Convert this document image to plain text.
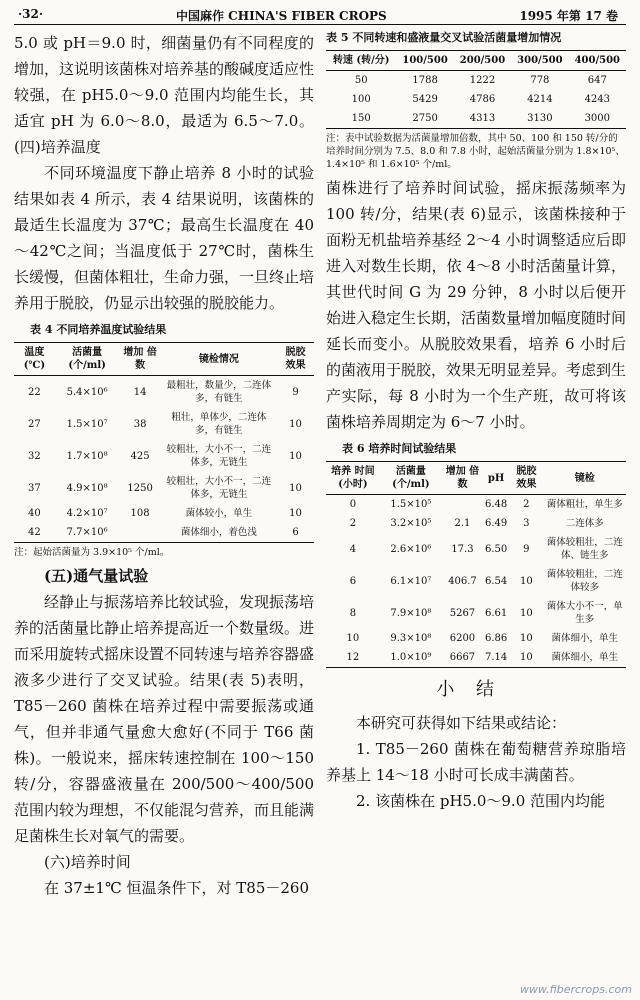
·32·	中国麻作 CHINA'S FIBER CROPS	1995 年第 17 卷

5.0 或 pH＝9.0 时，细菌量仍有不同程度的增加，这说明该菌株对培养基的酸碱度适应性较强，在 pH5.0～9.0 范围内均能生长，其适宜 pH 为 6.0～8.0，最适为 6.5～7.0。(四)培养温度

不同环境温度下静止培养 8 小时的试验结果如表 4 所示，表 4 结果说明，该菌株的最适生长温度为 37℃；最高生长温度在 40～42℃之间；当温度低于 27℃时，菌株生长缓慢，但菌体粗壮，生命力强，一旦终止培养用于脱胶，仍显示出较强的脱胶能力。

表 4 不同培养温度试验结果
温度 (℃)	活菌量 (个/ml)	增加 倍数	镜检情况	脱胶 效果
22	5.4×10⁶	14	最粗壮，数量少，二连体多，有链生	9
27	1.5×10⁷	38	粗壮，单体少，二连体多，有链生	10
32	1.7×10⁸	425	较粗壮，大小不一，二连体多，无链生	10
37	4.9×10⁸	1250	较粗壮，大小不一，二连体多，无链生	10
40	4.2×10⁷	108	菌体较小，单生	10
42	7.7×10⁶		菌体细小，着色浅	6
注：起始活菌量为 3.9×10⁵ 个/ml。

(五)通气量试验

经静止与振荡培养比较试验，发现振荡培养的活菌量比静止培养提高近一个数量级。进而采用旋转式摇床设置不同转速与培养容器盛液多少进行了交叉试验。结果(表 5)表明，T85－260 菌株在培养过程中需要振荡或通气，但并非通气量愈大愈好(不同于 T66 菌株)。一般说来，摇床转速控制在 100～150 转/分，容器盛液量在 200/500～400/500 范围内较为理想，不仅能混匀营养，而且能满足菌株生长对氧气的需要。

(六)培养时间

在 37±1℃ 恒温条件下，对 T85－260

表 5 不同转速和盛液量交叉试验活菌量增加情况
转速 (转/分)	100/500	200/500	300/500	400/500
50	1788	1222	778	647
100	5429	4786	4214	4243
150	2750	4313	3130	3000
注：表中试验数据为活菌量增加倍数，其中 50、100 和 150 转/分的培养时间分别为 7.5、8.0 和 7.8 小时，起始活菌量分别为 1.8×10⁵、1.4×10⁵ 和 1.6×10⁵ 个/ml。

菌株进行了培养时间试验，摇床振荡频率为 100 转/分，结果(表 6)显示，该菌株接种于面粉无机盐培养基经 2～4 小时调整适应后即进入对数生长期，依 4～8 小时活菌量计算，其世代时间 G 为 29 分钟，8 小时以后便开始进入稳定生长期，活菌数量增加幅度随时间延长而变小。从脱胶效果看，培养 6 小时后的菌液用于脱胶，效果无明显差异。考虑到生产实际，每 8 小时为一个生产班，故可将该菌株培养周期定为 6～7 小时。

表 6 培养时间试验结果
培养 时间 (小时)	活菌量 (个/ml)	增加 倍数	pH	脱胶 效果	镜检
0	1.5×10⁵		6.48	2	菌体粗壮，单生多
2	3.2×10⁵	2.1	6.49	3	二连体多
4	2.6×10⁶	17.3	6.50	9	菌体较粗壮，二连体、链生多
6	6.1×10⁷	406.7	6.54	10	菌体较粗壮，二连体较多
8	7.9×10⁸	5267	6.61	10	菌体大小不一，单生多
10	9.3×10⁸	6200	6.86	10	菌体细小，单生
12	1.0×10⁹	6667	7.14	10	菌体细小，单生
小结

本研究可获得如下结果或结论：

1. T85－260 菌株在葡萄糖营养琼脂培养基上 14～18 小时可长成丰满菌苔。

2. 该菌株在 pH5.0～9.0 范围内均能

www.fibercrops.com
